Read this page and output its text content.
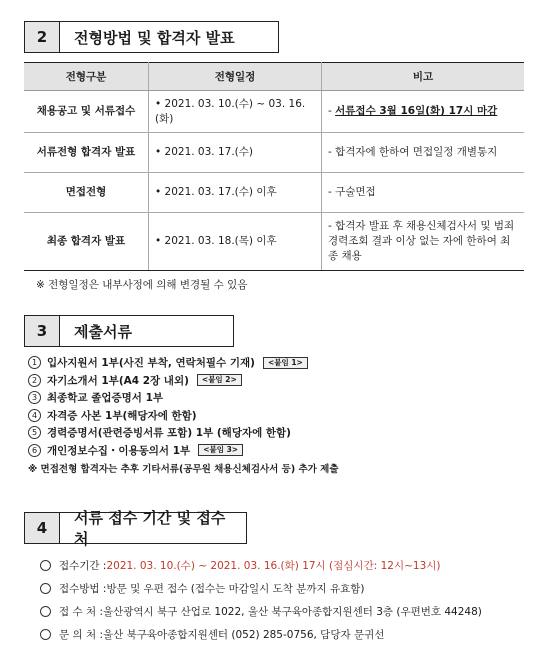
2	전형방법 및 합격자 발표
전형구분	전형일정	비고
채용공고 및 서류접수	• 2021. 03. 10.(수) ~ 03. 16.(화)	- 서류접수 3월 16일(화) 17시 마감
서류전형 합격자 발표	• 2021. 03. 17.(수)	- 합격자에 한하여 면접일정 개별통지
면접전형	• 2021. 03. 17.(수) 이후	- 구술면접
최종 합격자 발표	• 2021. 03. 18.(목) 이후	- 합격자 발표 후 채용신체검사서 및 범죄경력조회 결과 이상 없는 자에 한하여 최종 채용
※ 전형일정은 내부사정에 의해 변경될 수 있음
3	제출서류
1 입사지원서 1부(사진 부착, 연락처필수 기재)	<붙임 1>
2 자기소개서 1부(A4 2장 내외)	<붙임 2>
3 최종학교 졸업증명서 1부
4 자격증 사본 1부(해당자에 한함)
5 경력증명서(관련증빙서류 포함) 1부 (해당자에 한함)
6 개인정보수집・이용동의서 1부	<붙임 3>
※ 면접전형 합격자는 추후 기타서류(공무원 채용신체검사서 등) 추가 제출
4
서류 접수 기간 및 접수처
접수기간 : 2021. 03. 10.(수) ~ 2021. 03. 16.(화) 17시 (점심시간: 12시~13시)
접수방법 : 방문 및 우편 접수 (접수는 마감일시 도착 분까지 유효함)
접 수 처 : 울산광역시 북구 산업로 1022, 울산 북구육아종합지원센터 3층 (우편번호 44248)
문 의 처 : 울산 북구육아종합지원센터 (052) 285-0756, 담당자 문귀선
